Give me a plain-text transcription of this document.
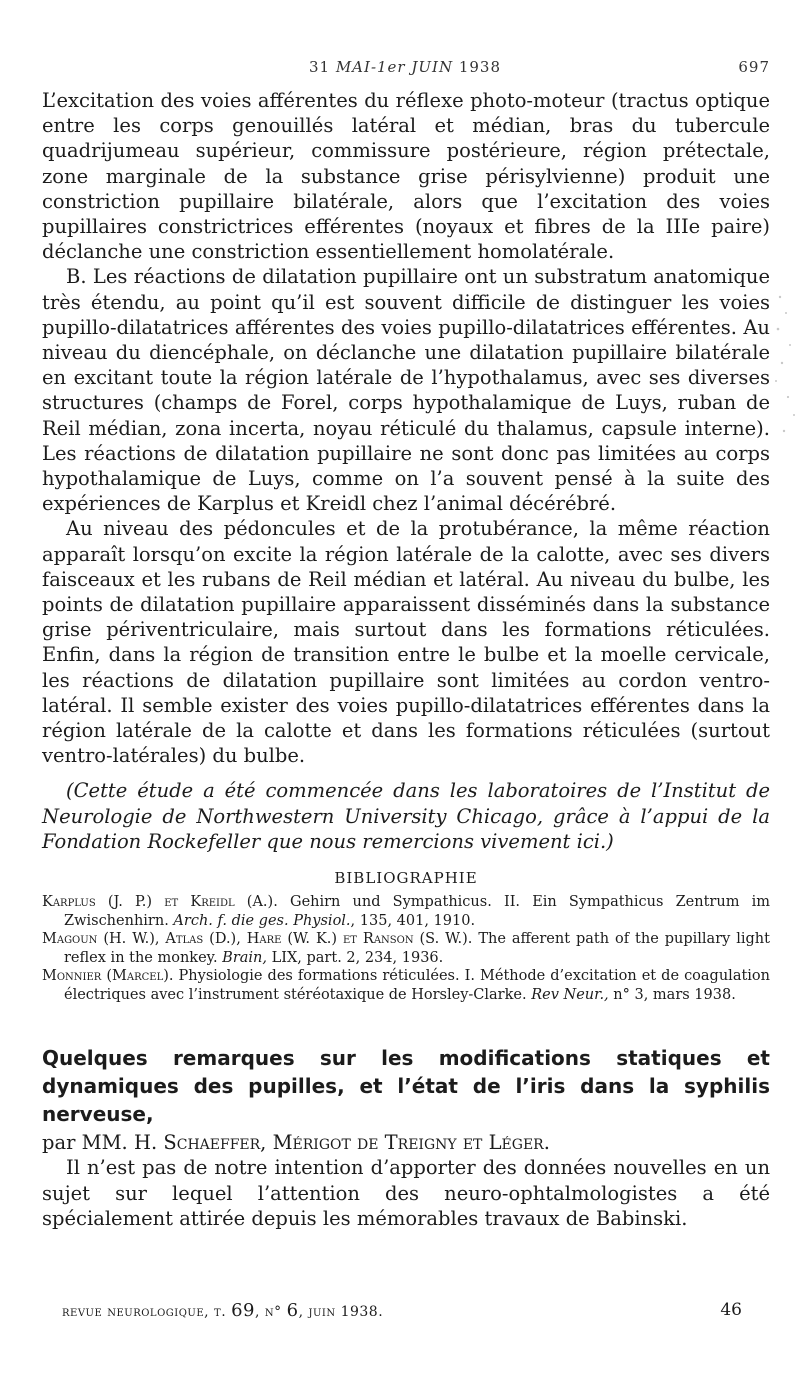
31 MAI-1er JUIN 1938	697

L’excitation des voies afférentes du réflexe photo-moteur (tractus optique entre les corps genouillés latéral et médian, bras du tubercule quadrijumeau supérieur, commissure postérieure, région prétectale, zone marginale de la substance grise périsylvienne) produit une constriction pupillaire bilatérale, alors que l’excitation des voies pupillaires constrictrices efférentes (noyaux et fibres de la IIIe paire) déclanche une constriction essentiellement homolatérale.

B. Les réactions de dilatation pupillaire ont un substratum anatomique très étendu, au point qu’il est souvent difficile de distinguer les voies pupillo-dilatatrices afférentes des voies pupillo-dilatatrices efférentes. Au niveau du diencéphale, on déclanche une dilatation pupillaire bilatérale en excitant toute la région latérale de l’hypothalamus, avec ses diverses structures (champs de Forel, corps hypothalamique de Luys, ruban de Reil médian, zona incerta, noyau réticulé du thalamus, capsule interne). Les réactions de dilatation pupillaire ne sont donc pas limitées au corps hypothalamique de Luys, comme on l’a souvent pensé à la suite des expériences de Karplus et Kreidl chez l’animal décérébré.

Au niveau des pédoncules et de la protubérance, la même réaction apparaît lorsqu’on excite la région latérale de la calotte, avec ses divers faisceaux et les rubans de Reil médian et latéral. Au niveau du bulbe, les points de dilatation pupillaire apparaissent disséminés dans la substance grise périventriculaire, mais surtout dans les formations réticulées. Enfin, dans la région de transition entre le bulbe et la moelle cervicale, les réactions de dilatation pupillaire sont limitées au cordon ventro-latéral. Il semble exister des voies pupillo-dilatatrices efférentes dans la région latérale de la calotte et dans les formations réticulées (surtout ventro-latérales) du bulbe.

(Cette étude a été commencée dans les laboratoires de l’Institut de Neurologie de Northwestern University Chicago, grâce à l’appui de la Fondation Rockefeller que nous remercions vivement ici.)

BIBLIOGRAPHIE

Karplus (J. P.) et Kreidl (A.). Gehirn und Sympathicus. II. Ein Sympathicus Zentrum im Zwischenhirn. Arch. f. die ges. Physiol., 135, 401, 1910.

Magoun (H. W.), Atlas (D.), Hare (W. K.) et Ranson (S. W.). The afferent path of the pupillary light reflex in the monkey. Brain, LIX, part. 2, 234, 1936.

Monnier (Marcel). Physiologie des formations réticulées. I. Méthode d’excitation et de coagulation électriques avec l’instrument stéréotaxique de Horsley-Clarke. Rev Neur., n° 3, mars 1938.

Quelques remarques sur les modifications statiques et dynamiques des pupilles, et l’état de l’iris dans la syphilis nerveuse,
par MM. H. Schaeffer, Mérigot de Treigny et Léger.

Il n’est pas de notre intention d’apporter des données nouvelles en un sujet sur lequel l’attention des neuro-ophtalmologistes a été spécialement attirée depuis les mémorables travaux de Babinski.

revue neurologique, t. 69, n° 6, juin 1938.	46
